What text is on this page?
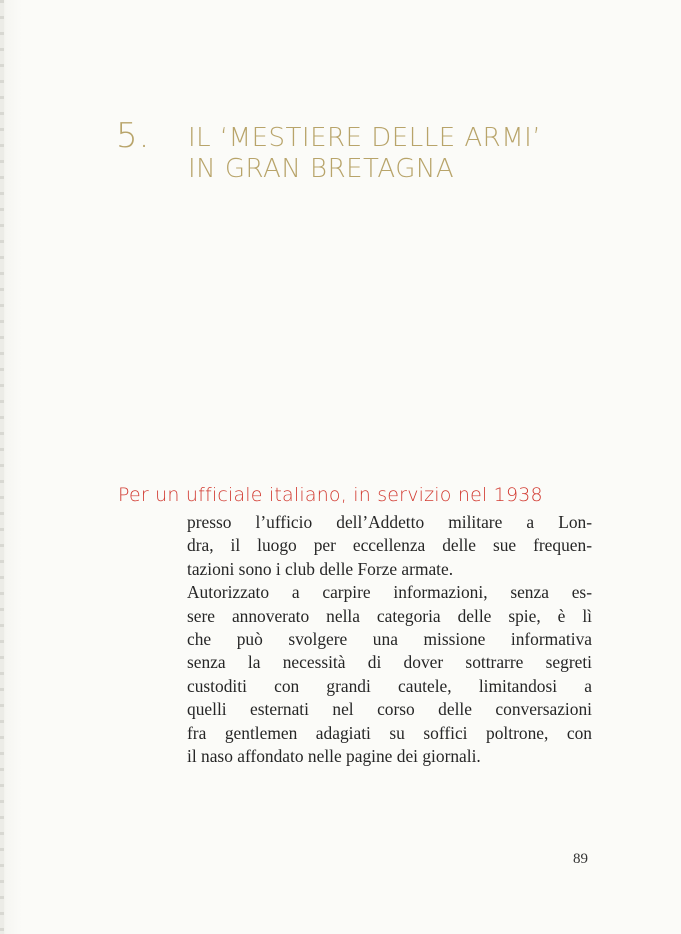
5. IL ‘MESTIERE DELLE ARMI’
IN GRAN BRETAGNA
Per un ufficiale italiano, in servizio nel 1938
presso l’ufficio dell’Addetto militare a Lon-
dra, il luogo per eccellenza delle sue frequen-
tazioni sono i club delle Forze armate.
Autorizzato a carpire informazioni, senza es-
sere annoverato nella categoria delle spie, è lì
che può svolgere una missione informativa
senza la necessità di dover sottrarre segreti
custoditi con grandi cautele, limitandosi a
quelli esternati nel corso delle conversazioni
fra gentlemen adagiati su soffici poltrone, con
il naso affondato nelle pagine dei giornali.
89
